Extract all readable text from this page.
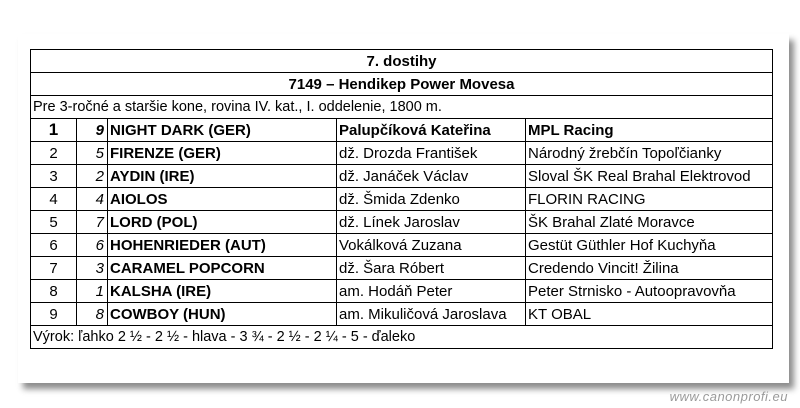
7. dostihy				
7149 – Hendikep Power Movesa				
Pre 3-ročné a staršie kone, rovina IV. kat., I. oddelenie, 1800 m.				
1	9	NIGHT DARK (GER)	Palupčíková Kateřina	MPL Racing
2	5	FIRENZE (GER)	dž. Drozda František	Národný žrebčín Topoľčianky
3	2	AYDIN (IRE)	dž. Janáček Václav	Sloval ŠK Real Brahal Elektrovod
4	4	AIOLOS	dž. Šmida Zdenko	FLORIN RACING
5	7	LORD (POL)	dž. Línek Jaroslav	ŠK Brahal Zlaté Moravce
6	6	HOHENRIEDER (AUT)	Vokálková Zuzana	Gestüt Güthler Hof Kuchyňa
7	3	CARAMEL POPCORN	dž. Šara Róbert	Credendo Vincit! Žilina
8	1	KALSHA (IRE)	am. Hodáň Peter	Peter Strnisko - Autoopravovňa
9	8	COWBOY (HUN)	am. Mikuličová Jaroslava	KT OBAL
Výrok: ľahko 2 ½ - 2 ½ - hlava - 3 ¾ - 2 ½ - 2 ¼ - 5 - ďaleko				
www.canonprofi.eu
